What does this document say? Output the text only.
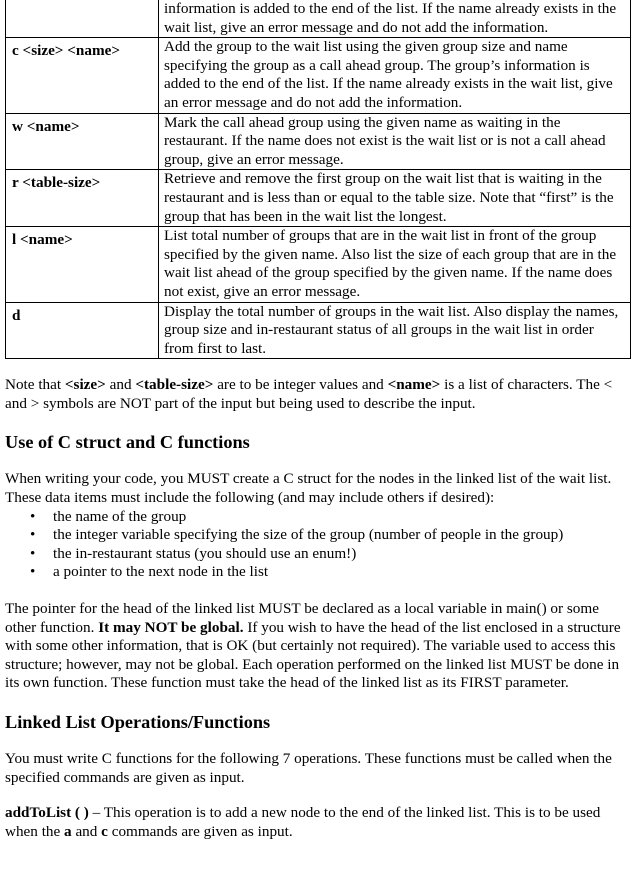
	information is added to the end of the list. If the name already exists in the wait list, give an error message and do not add the information.
c <size> <name>	Add the group to the wait list using the given group size and name specifying the group as a call ahead group. The group’s information is added to the end of the list. If the name already exists in the wait list, give an error message and do not add the information.
w <name>	Mark the call ahead group using the given name as waiting in the restaurant. If the name does not exist is the wait list or is not a call ahead group, give an error message.
r <table-size>	Retrieve and remove the first group on the wait list that is waiting in the restaurant and is less than or equal to the table size. Note that “first” is the group that has been in the wait list the longest.
l <name>	List total number of groups that are in the wait list in front of the group specified by the given name. Also list the size of each group that are in the wait list ahead of the group specified by the given name. If the name does not exist, give an error message.
d	Display the total number of groups in the wait list. Also display the names, group size and in-restaurant status of all groups in the wait list in order from first to last.

Note that <size> and <table-size> are to be integer values and <name> is a list of characters. The < and > symbols are NOT part of the input but being used to describe the input.

Use of C struct and C functions

When writing your code, you MUST create a C struct for the nodes in the linked list of the wait list. These data items must include the following (and may include others if desired):

• the name of the group
• the integer variable specifying the size of the group (number of people in the group)
• the in-restaurant status (you should use an enum!)
• a pointer to the next node in the list

The pointer for the head of the linked list MUST be declared as a local variable in main() or some other function. It may NOT be global. If you wish to have the head of the list enclosed in a structure with some other information, that is OK (but certainly not required). The variable used to access this structure; however, may not be global. Each operation performed on the linked list MUST be done in its own function. These function must take the head of the linked list as its FIRST parameter.

Linked List Operations/Functions

You must write C functions for the following 7 operations. These functions must be called when the specified commands are given as input.

addToList ( ) – This operation is to add a new node to the end of the linked list. This is to be used when the a and c commands are given as input.
